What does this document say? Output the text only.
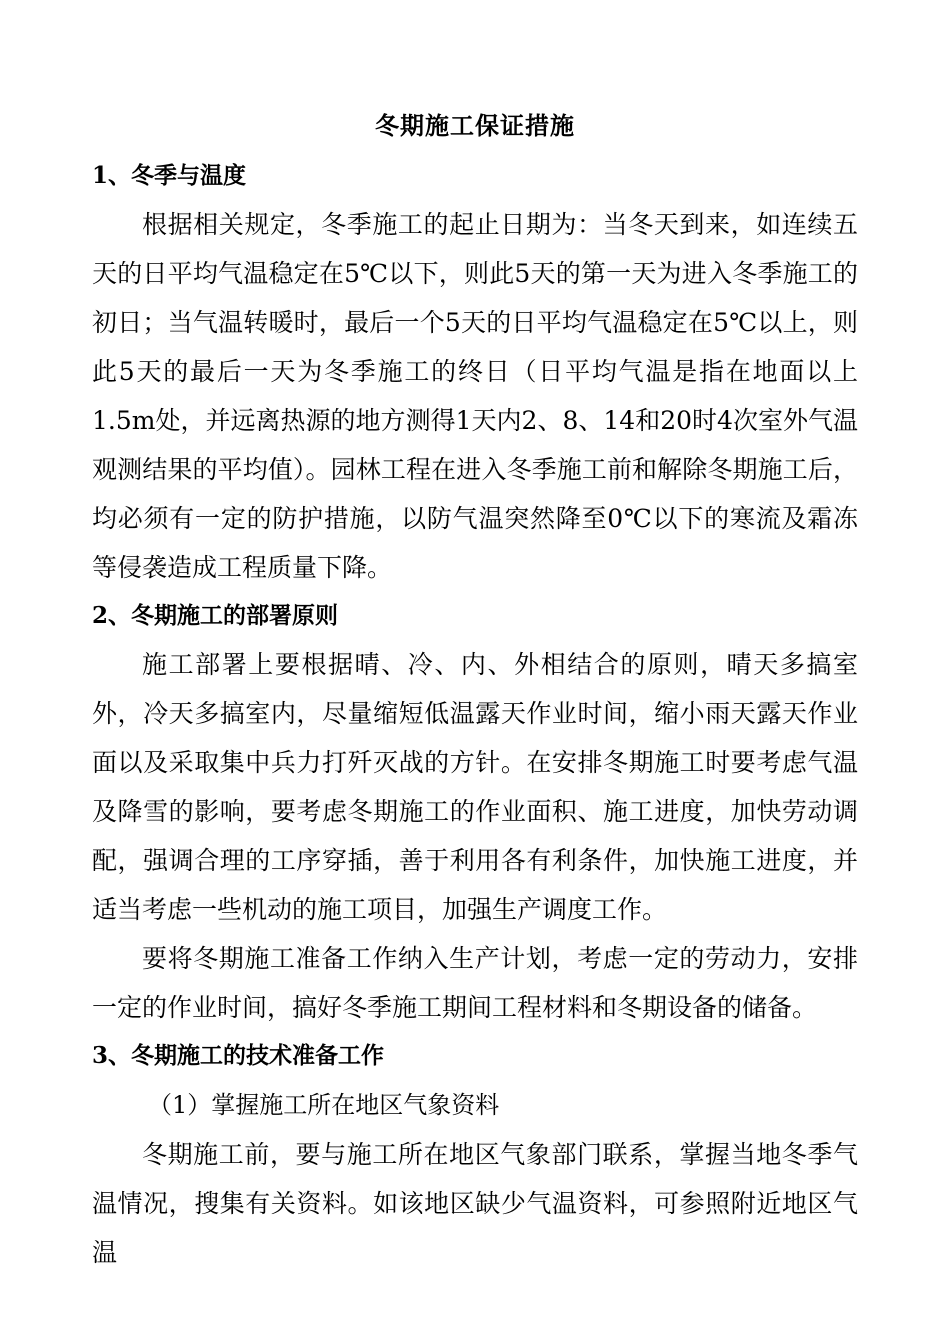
冬期施工保证措施
1、冬季与温度

根据相关规定，冬季施工的起止日期为：当冬天到来，如连续五天的日平均气温稳定在5℃以下，则此5天的第一天为进入冬季施工的初日；当气温转暖时，最后一个5天的日平均气温稳定在5℃以上，则此5天的最后一天为冬季施工的终日（日平均气温是指在地面以上1.5m处，并远离热源的地方测得1天内2、8、14和20时4次室外气温观测结果的平均值）。园林工程在进入冬季施工前和解除冬期施工后，均必须有一定的防护措施，以防气温突然降至0℃以下的寒流及霜冻等侵袭造成工程质量下降。

2、冬期施工的部署原则

施工部署上要根据晴、冷、内、外相结合的原则，晴天多搞室外，冷天多搞室内，尽量缩短低温露天作业时间，缩小雨天露天作业面以及采取集中兵力打歼灭战的方针。在安排冬期施工时要考虑气温及降雪的影响，要考虑冬期施工的作业面积、施工进度，加快劳动调配，强调合理的工序穿插，善于利用各有利条件，加快施工进度，并适当考虑一些机动的施工项目，加强生产调度工作。

要将冬期施工准备工作纳入生产计划，考虑一定的劳动力，安排一定的作业时间，搞好冬季施工期间工程材料和冬期设备的储备。

3、冬期施工的技术准备工作

（1）掌握施工所在地区气象资料

冬期施工前，要与施工所在地区气象部门联系，掌握当地冬季气温情况，搜集有关资料。如该地区缺少气温资料，可参照附近地区气温
